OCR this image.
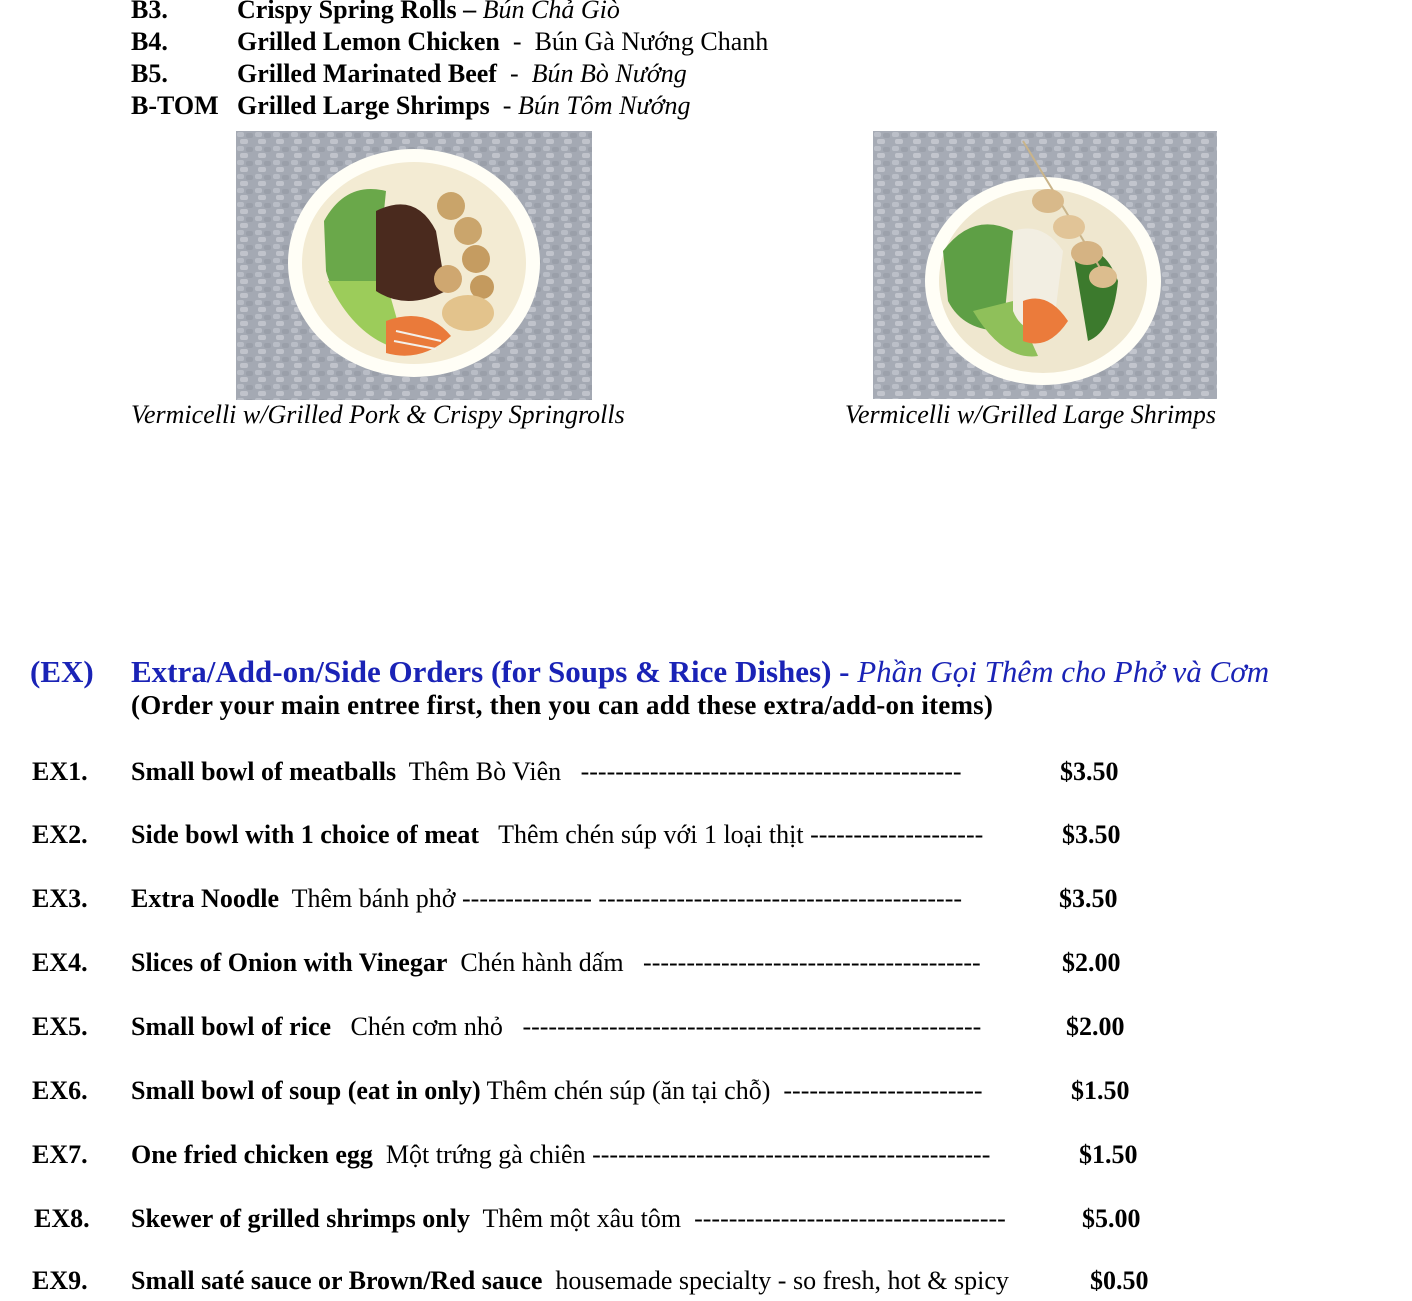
B3.	Crispy Spring Rolls – Bún Chả Giò
B4.	Grilled Lemon Chicken  -  Bún Gà Nướng Chanh
B5.	Grilled Marinated Beef  -  Bún Bò Nướng
B-TOM Grilled Large Shrimps  - Bún Tôm Nướng
Vermicelli w/Grilled Pork & Crispy Springrolls	Vermicelli w/Grilled Large Shrimps
(EX) Extra/Add-on/Side Orders (for Soups & Rice Dishes) - Phần Gọi Thêm cho Phở và Cơm
(Order your main entree first, then you can add these extra/add-on items)
EX1. Small bowl of meatballs  Thêm Bò Viên   --------------------------------------------	$3.50
EX2. Side bowl with 1 choice of meat   Thêm chén súp với 1 loại thịt --------------------	$3.50
EX3. Extra Noodle  Thêm bánh phở --------------- ------------------------------------------	$3.50
EX4. Slices of Onion with Vinegar  Chén hành dấm   ---------------------------------------	$2.00
EX5. Small bowl of rice   Chén cơm nhỏ   -----------------------------------------------------	$2.00
EX6. Small bowl of soup (eat in only) Thêm chén súp (ăn tại chỗ)  -----------------------	$1.50
EX7. One fried chicken egg  Một trứng gà chiên ----------------------------------------------	$1.50
EX8. Skewer of grilled shrimps only  Thêm một xâu tôm  ------------------------------------	$5.00
EX9. Small saté sauce or Brown/Red sauce  housemade specialty - so fresh, hot & spicy	$0.50
